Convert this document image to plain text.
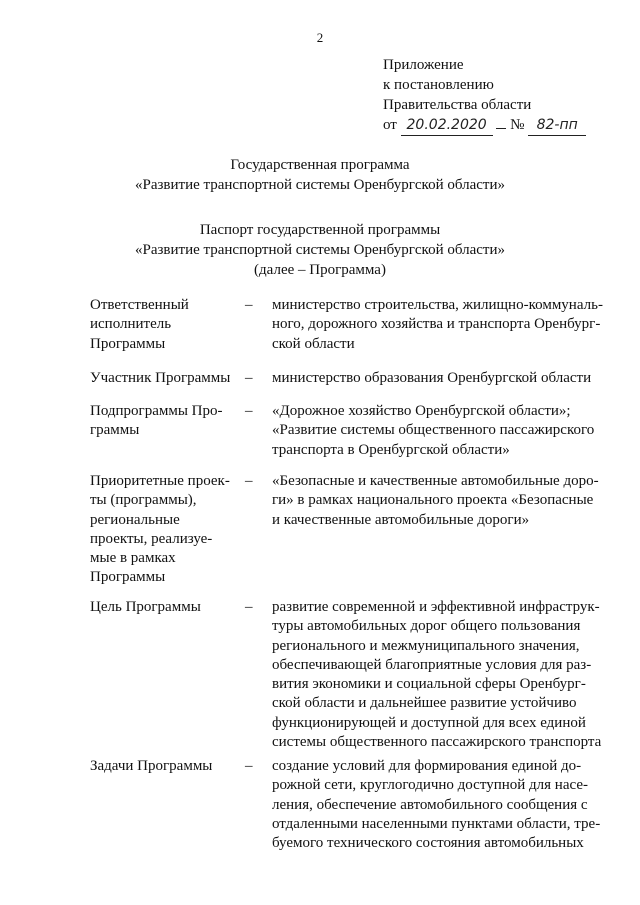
2
Приложение
к постановлению
Правительства области
от 20.02.2020 № 82-пп
Государственная программа
«Развитие транспортной системы Оренбургской области»
Паспорт государственной программы
«Развитие транспортной системы Оренбургской области»
(далее – Программа)
Ответственный
исполнитель
Программы
– министерство строительства, жилищно-коммуналь-
ного, дорожного хозяйства и транспорта Оренбург-
ской области
Участник Программы – министерство образования Оренбургской области
Подпрограммы Про-
граммы
– «Дорожное хозяйство Оренбургской области»;
«Развитие системы общественного пассажирского
транспорта в Оренбургской области»
Приоритетные проек-
ты (программы),
региональные
проекты, реализуе-
мые в рамках
Программы
– «Безопасные и качественные автомобильные доро-
ги» в рамках национального проекта «Безопасные
и качественные автомобильные дороги»
Цель Программы	– развитие современной и эффективной инфраструк-
туры автомобильных дорог общего пользования
регионального и межмуниципального значения,
обеспечивающей благоприятные условия для раз-
вития экономики и социальной сферы Оренбург-
ской области и дальнейшее развитие устойчиво
функционирующей и доступной для всех единой
системы общественного пассажирского транспорта
Задачи Программы	– создание условий для формирования единой до-
рожной сети, круглогодично доступной для насе-
ления, обеспечение автомобильного сообщения с
отдаленными населенными пунктами области, тре-
буемого технического состояния автомобильных
